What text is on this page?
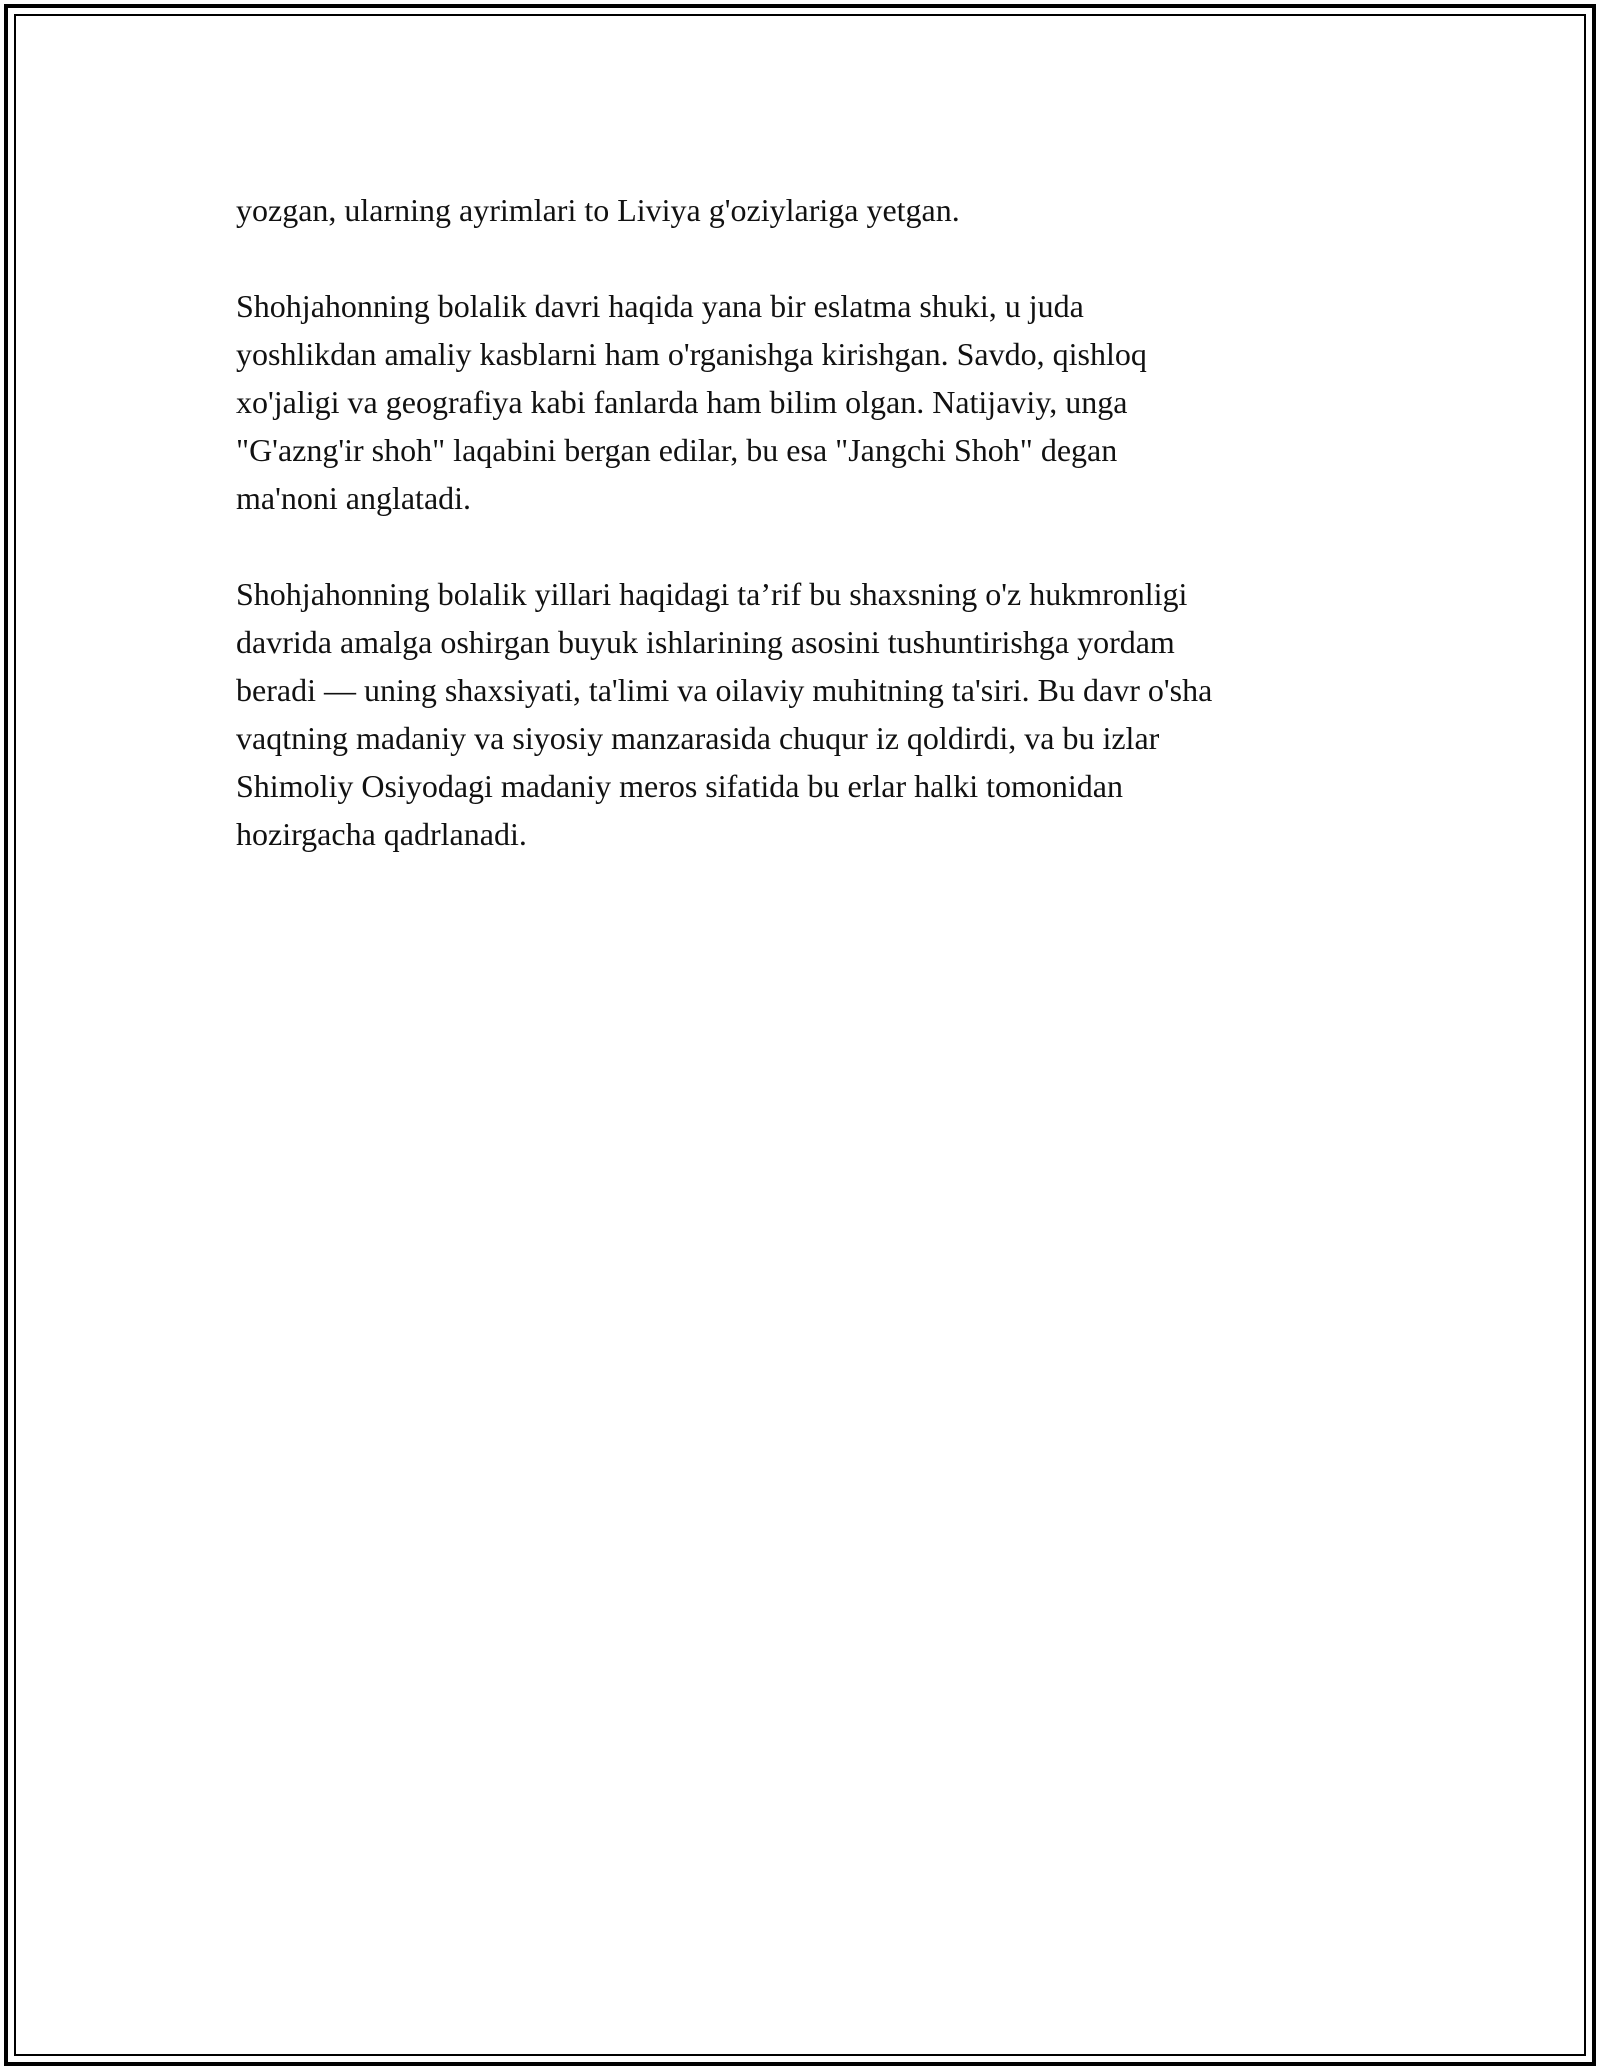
yozgan, ularning ayrimlari to Liviya g'oziylariga yetgan.

Shohjahonning bolalik davri haqida yana bir eslatma shuki, u juda
yoshlikdan amaliy kasblarni ham o'rganishga kirishgan. Savdo, qishloq
xo'jaligi va geografiya kabi fanlarda ham bilim olgan. Natijaviy, unga
"G'azng'ir shoh" laqabini bergan edilar, bu esa "Jangchi Shoh" degan
ma'noni anglatadi.

Shohjahonning bolalik yillari haqidagi ta’rif bu shaxsning o'z hukmronligi
davrida amalga oshirgan buyuk ishlarining asosini tushuntirishga yordam
beradi — uning shaxsiyati, ta'limi va oilaviy muhitning ta'siri. Bu davr o'sha
vaqtning madaniy va siyosiy manzarasida chuqur iz qoldirdi, va bu izlar
Shimoliy Osiyodagi madaniy meros sifatida bu erlar halki tomonidan
hozirgacha qadrlanadi.
